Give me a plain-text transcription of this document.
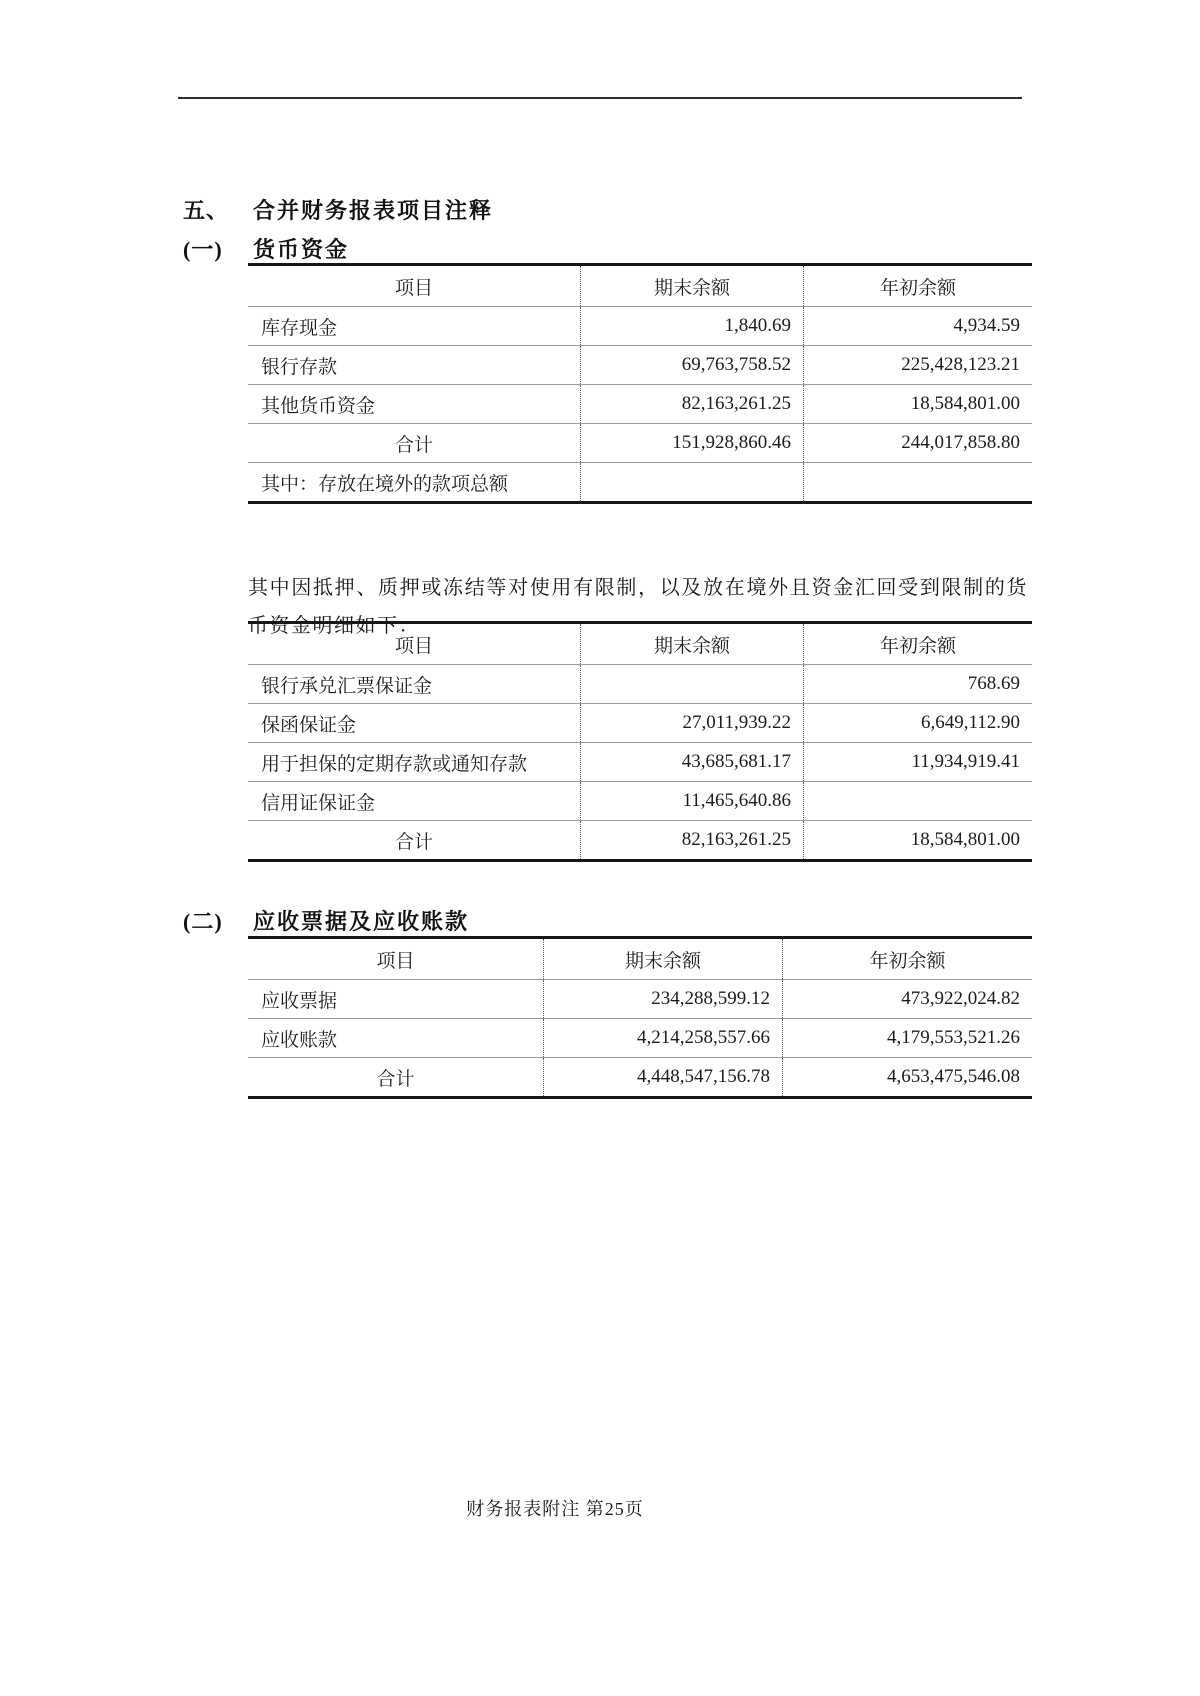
五、	合并财务报表项目注释
(一)	货币资金
项目	期末余额	年初余额
库存现金	1,840.69	4,934.59
银行存款	69,763,758.52	225,428,123.21
其他货币资金	82,163,261.25	18,584,801.00
合计	151,928,860.46	244,017,858.80
其中：存放在境外的款项总额		

其中因抵押、质押或冻结等对使用有限制，以及放在境外且资金汇回受到限制的货币资金明细如下：

项目	期末余额	年初余额
银行承兑汇票保证金		768.69
保函保证金	27,011,939.22	6,649,112.90
用于担保的定期存款或通知存款	43,685,681.17	11,934,919.41
信用证保证金	11,465,640.86	
合计	82,163,261.25	18,584,801.00
(二)	应收票据及应收账款
项目	期末余额	年初余额
应收票据	234,288,599.12	473,922,024.82
应收账款	4,214,258,557.66	4,179,553,521.26
合计	4,448,547,156.78	4,653,475,546.08
财务报表附注 第25页
